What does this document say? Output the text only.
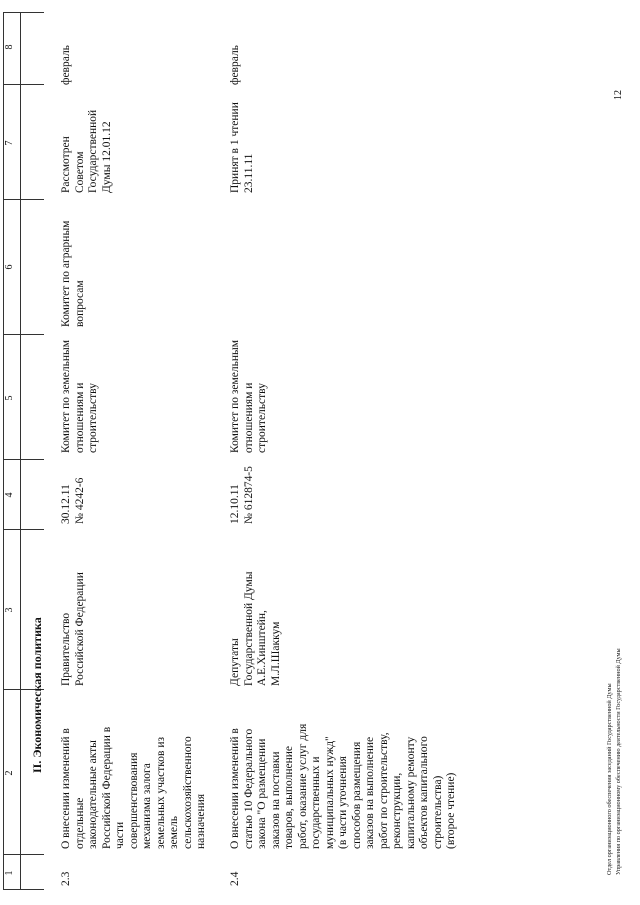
1
2
3
4
5
6
7
8
II. Экономическая политика
2.3
О внесении изменений в отдельные законодательные акты Российской Федерации в части совершенствования механизма залога земельных участков из земель сельскохозяйственного назначения
Правительство Российской Федерации
30.12.11 № 4242-6
Комитет по земельным отношениям и строительству
Комитет по аграрным вопросам
Рассмотрен Советом Государственной Думы 12.01.12
февраль
2.4
О внесении изменений в статью 10 Федерального закона "О размещении заказов на поставки товаров, выполнение работ, оказание услуг для государственных и муниципальных нужд" (в части уточнения способов размещения заказов на выполнение работ по строительству, реконструкции, капитальному ремонту объектов капитального строительства) (второе чтение)
Депутаты Государственной Думы А.Е.Хинштейн, М.Л.Шаккум
12.10.11 № 612874-5
Комитет по земельным отношениям и строительству
Принят в 1 чтении 23.11.11
февраль
Отдел организационного обеспечения заседаний Государственной Думы Управления по организационному обеспечению деятельности Государственной Думы
12
